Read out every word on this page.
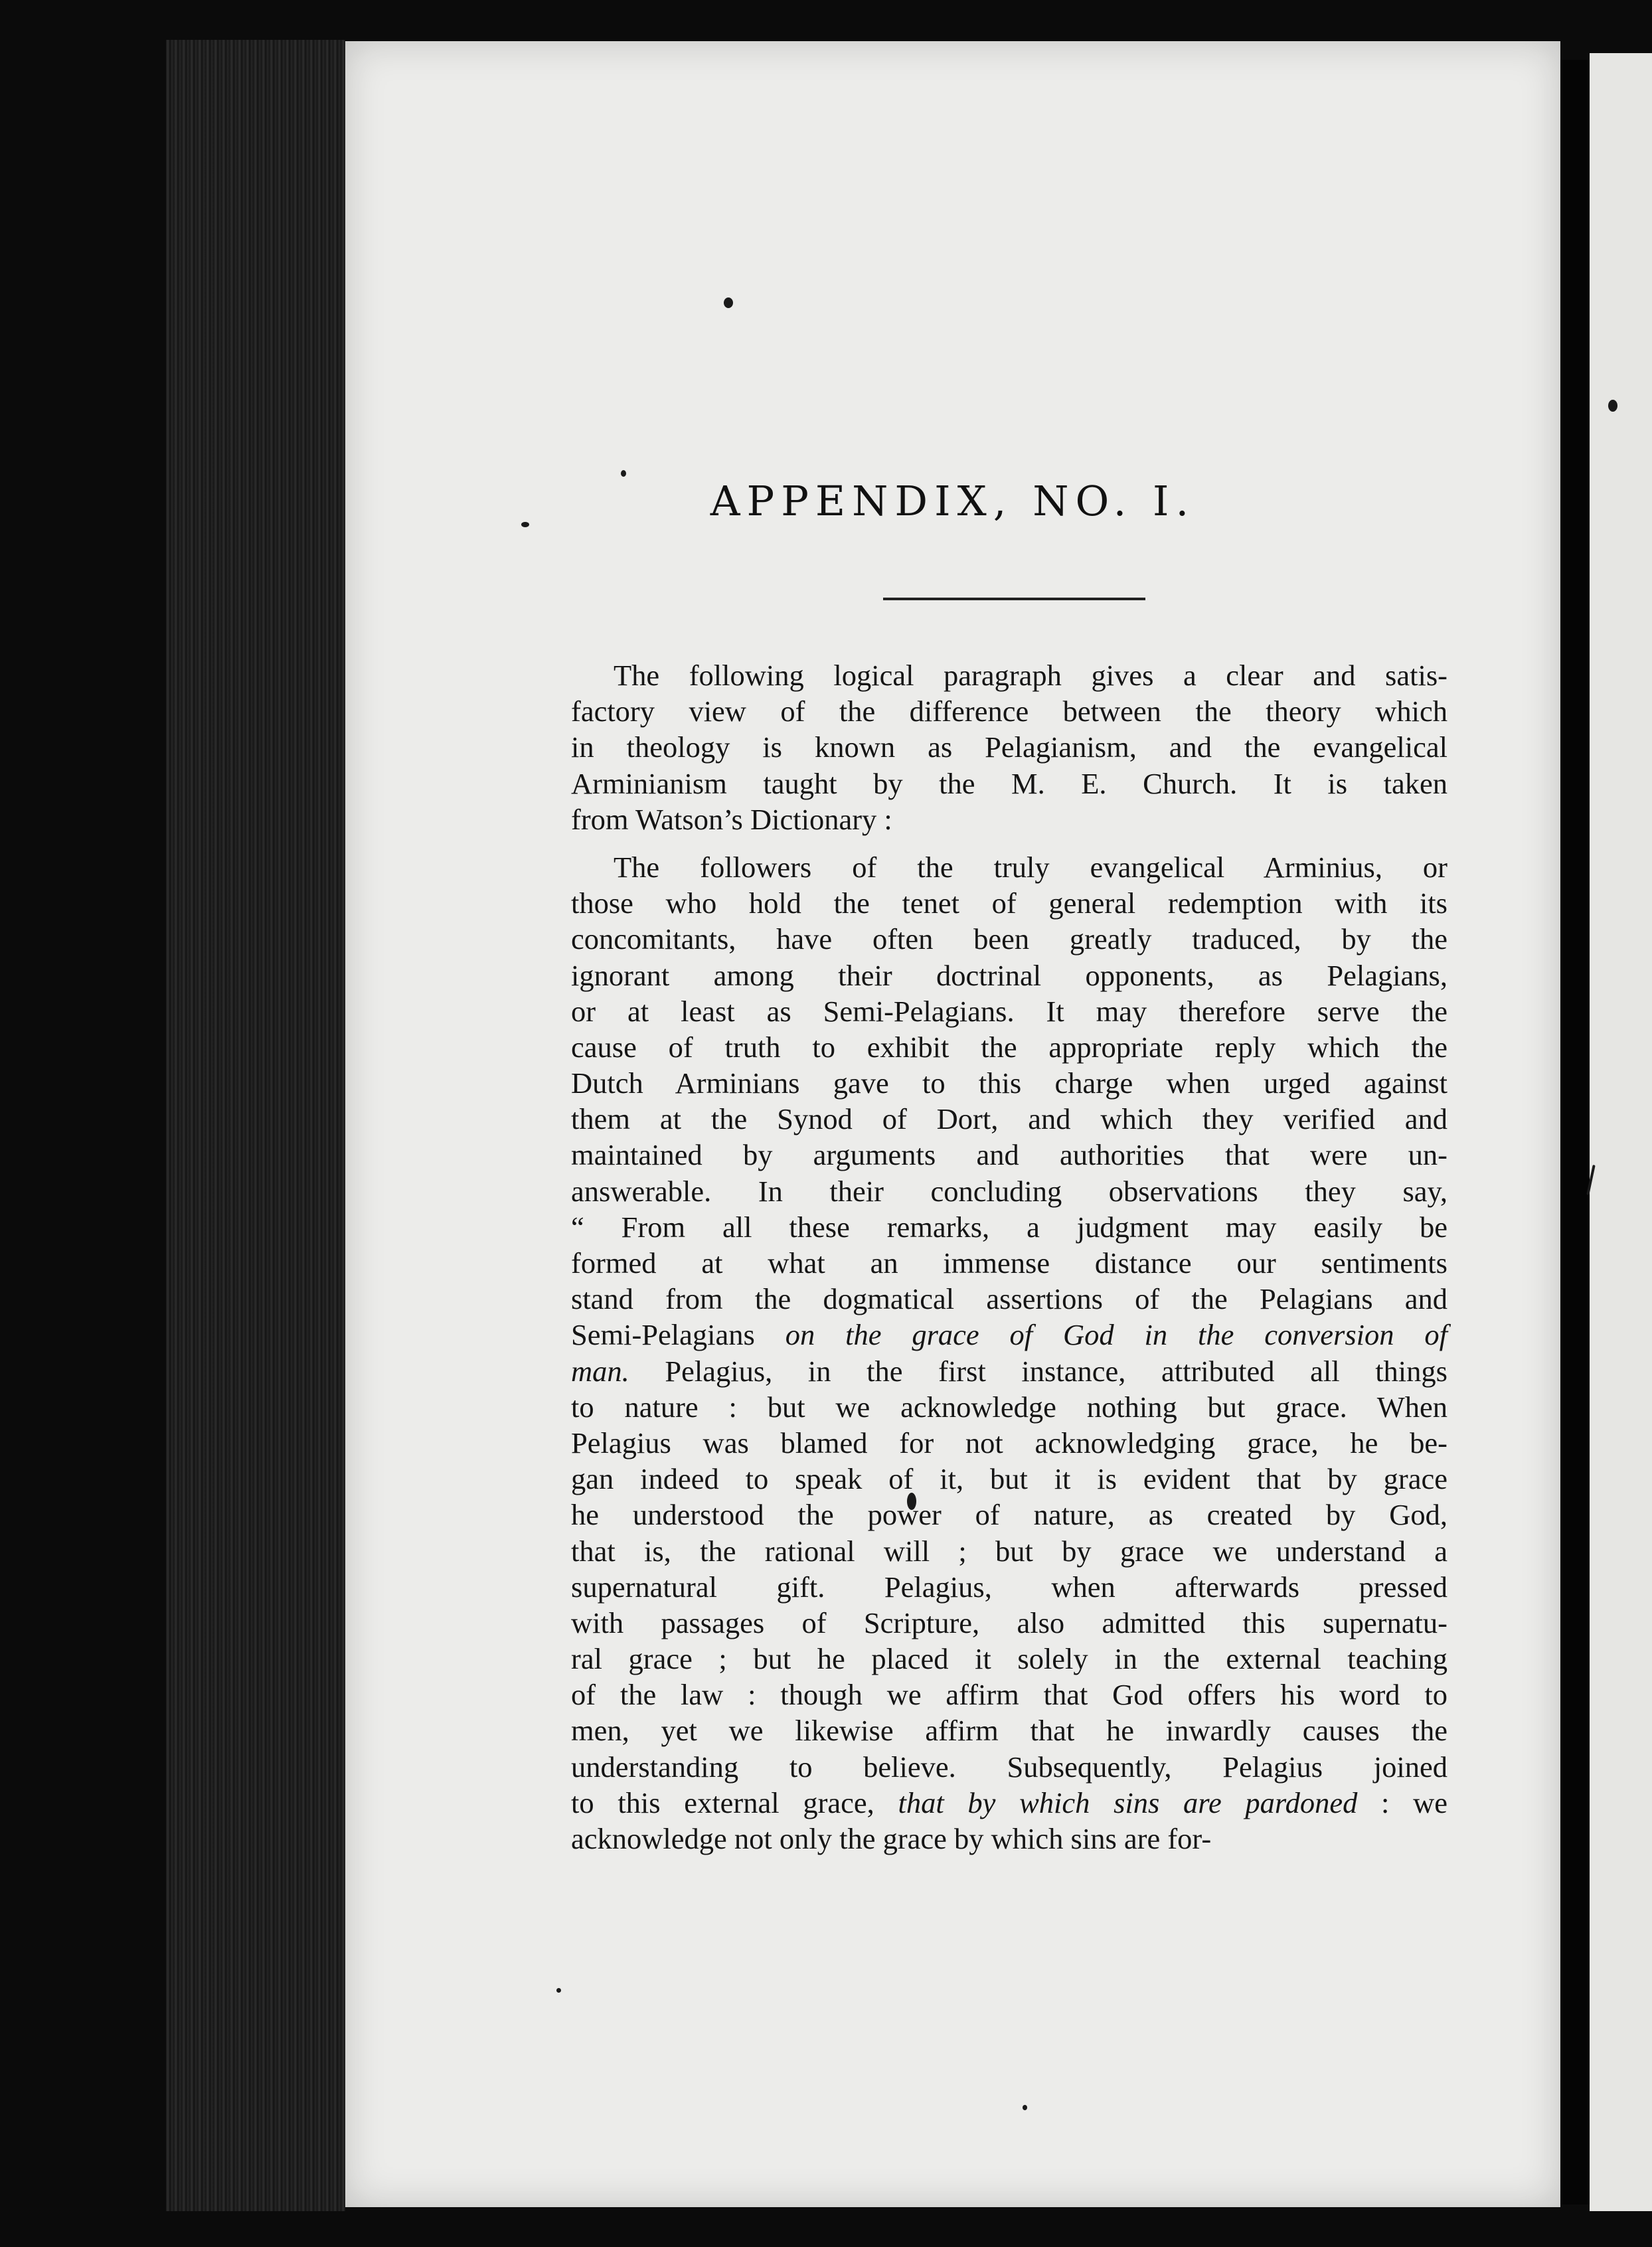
APPENDIX, NO. I.
The following logical paragraph gives a clear and satis-
factory view of the difference between the theory which
in theology is known as Pelagianism, and the evangelical
Arminianism taught by the M. E. Church. It is taken
from Watson’s Dictionary :
The followers of the truly evangelical Arminius, or
those who hold the tenet of general redemption with its
concomitants, have often been greatly traduced, by the
ignorant among their doctrinal opponents, as Pelagians,
or at least as Semi-Pelagians. It may therefore serve the
cause of truth to exhibit the appropriate reply which the
Dutch Arminians gave to this charge when urged against
them at the Synod of Dort, and which they verified and
maintained by arguments and authorities that were un-
answerable. In their concluding observations they say,
“ From all these remarks, a judgment may easily be
formed at what an immense distance our sentiments
stand from the dogmatical assertions of the Pelagians and
Semi-Pelagians on the grace of God in the conversion of
man. Pelagius, in the first instance, attributed all things
to nature : but we acknowledge nothing but grace. When
Pelagius was blamed for not acknowledging grace, he be-
gan indeed to speak of it, but it is evident that by grace
he understood the power of nature, as created by God,
that is, the rational will ; but by grace we understand a
supernatural gift. Pelagius, when afterwards pressed
with passages of Scripture, also admitted this supernatu-
ral grace ; but he placed it solely in the external teaching
of the law : though we affirm that God offers his word to
men, yet we likewise affirm that he inwardly causes the
understanding to believe. Subsequently, Pelagius joined
to this external grace, that by which sins are pardoned : we
acknowledge not only the grace by which sins are for-
